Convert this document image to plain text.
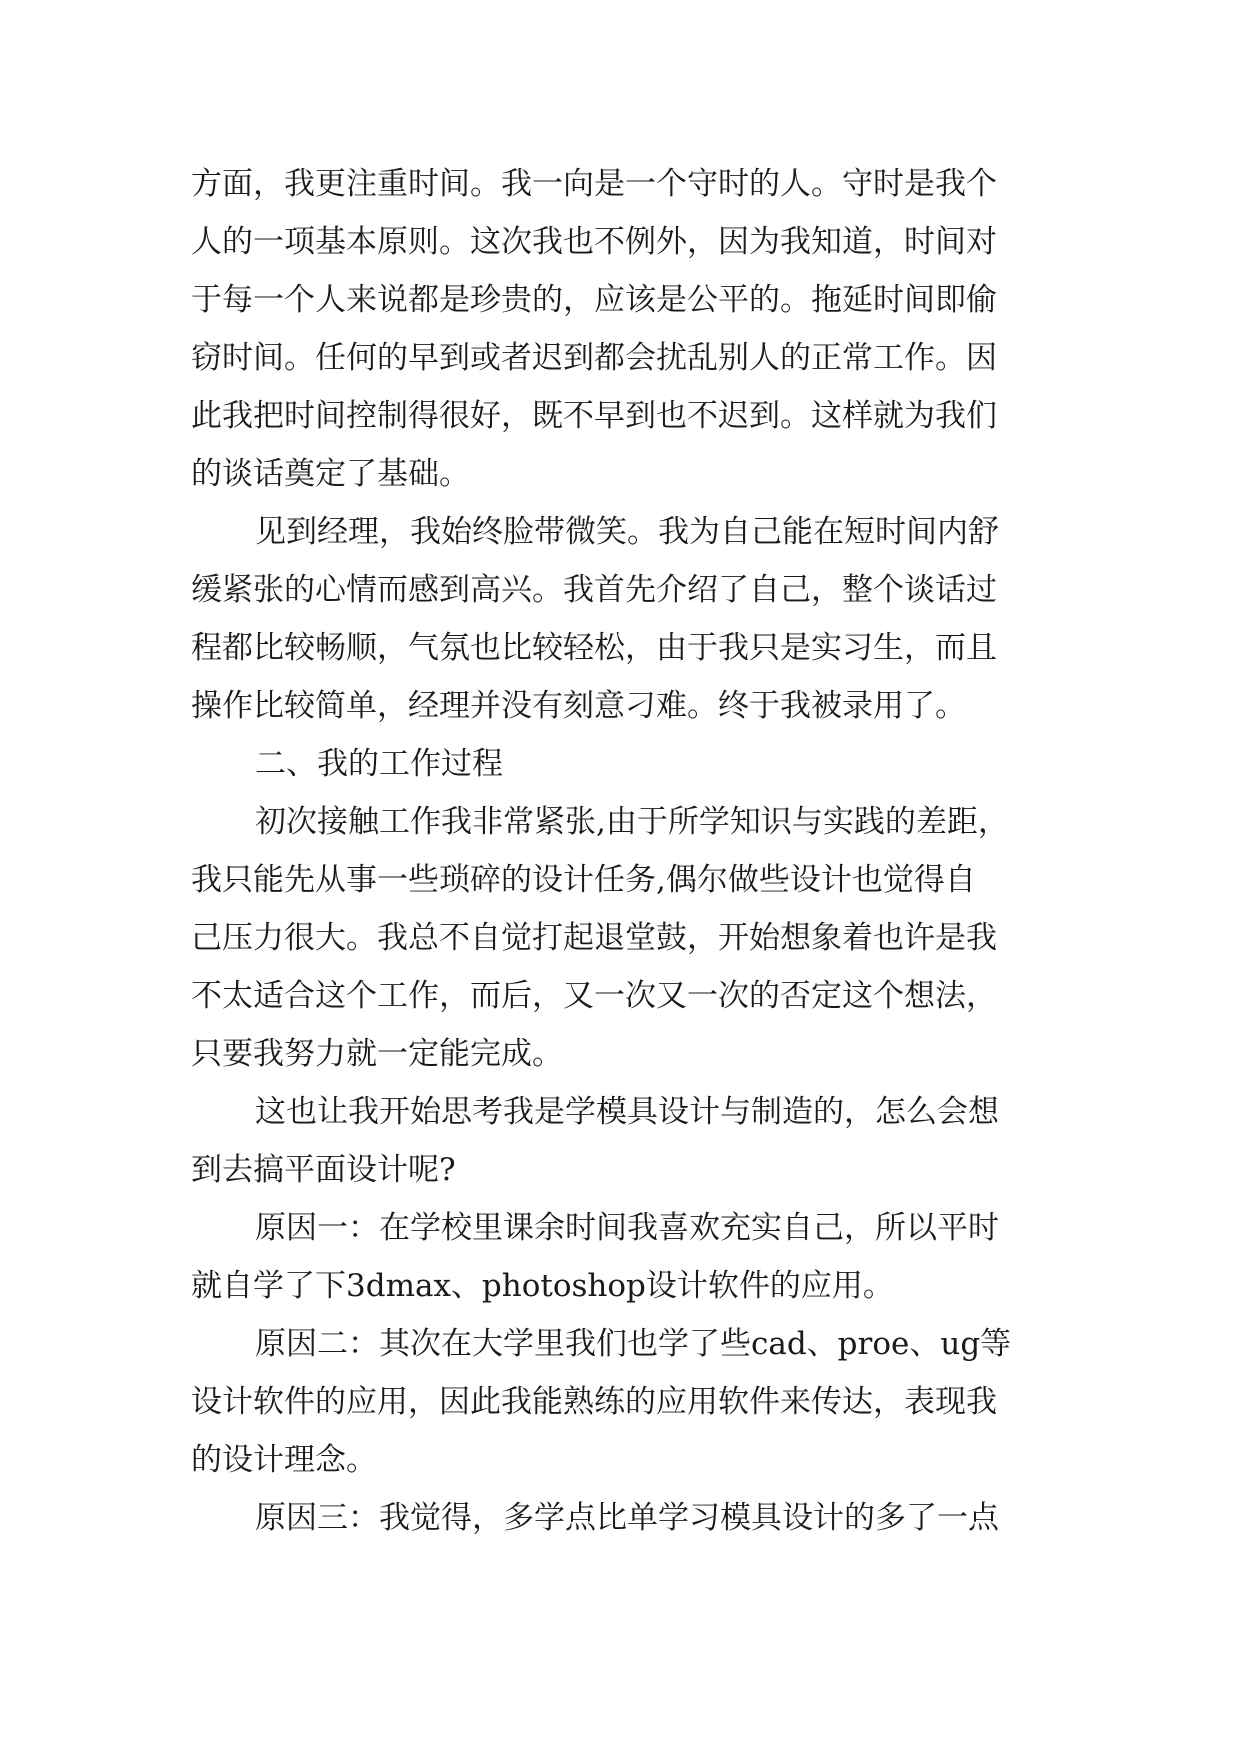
方面，我更注重时间。我一向是一个守时的人。守时是我个
人的一项基本原则。这次我也不例外，因为我知道，时间对
于每一个人来说都是珍贵的，应该是公平的。拖延时间即偷
窃时间。任何的早到或者迟到都会扰乱别人的正常工作。因
此我把时间控制得很好，既不早到也不迟到。这样就为我们
的谈话奠定了基础。
见到经理，我始终脸带微笑。我为自己能在短时间内舒
缓紧张的心情而感到高兴。我首先介绍了自己，整个谈话过
程都比较畅顺，气氛也比较轻松，由于我只是实习生，而且
操作比较简单，经理并没有刻意刁难。终于我被录用了。
二、我的工作过程
初次接触工作我非常紧张,由于所学知识与实践的差距，
我只能先从事一些琐碎的设计任务,偶尔做些设计也觉得自
己压力很大。我总不自觉打起退堂鼓，开始想象着也许是我
不太适合这个工作，而后，又一次又一次的否定这个想法，
只要我努力就一定能完成。
这也让我开始思考我是学模具设计与制造的，怎么会想
到去搞平面设计呢?
原因一：在学校里课余时间我喜欢充实自己，所以平时
就自学了下3dmax、photoshop设计软件的应用。
原因二：其次在大学里我们也学了些cad、proe、ug等
设计软件的应用，因此我能熟练的应用软件来传达，表现我
的设计理念。
原因三：我觉得，多学点比单学习模具设计的多了一点
